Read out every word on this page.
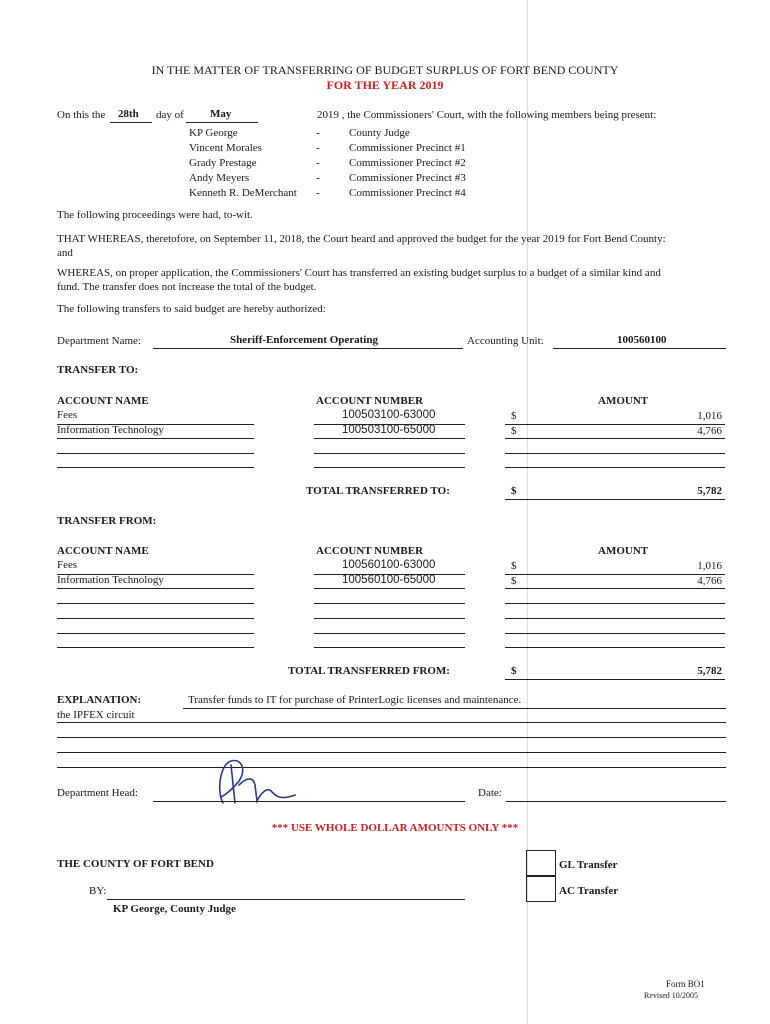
IN THE MATTER OF TRANSFERRING OF BUDGET SURPLUS OF FORT BEND COUNTY
FOR THE YEAR 2019
On this the 28th day of May	2019 , the Commissioners' Court, with the following members being present:
KP George	-	County Judge
Vincent Morales	-	Commissioner Precinct #1
Grady Prestage	-	Commissioner Precinct #2
Andy Meyers	-	Commissioner Precinct #3
Kenneth R. DeMerchant -	Commissioner Precinct #4
The following proceedings were had, to-wit.
THAT WHEREAS, theretofore, on September 11, 2018, the Court heard and approved the budget for the year 2019 for Fort Bend County:
and
WHEREAS, on proper application, the Commissioners' Court has transferred an existing budget surplus to a budget of a similar kind and
fund. The transfer does not increase the total of the budget.
The following transfers to said budget are hereby authorized:
Department Name:	Sheriff-Enforcement Operating	Accounting Unit:	100560100
TRANSFER TO:
ACCOUNT NAME	ACCOUNT NUMBER	AMOUNT
Fees	100503100-63000	$	1,016
Information Technology	100503100-65000	$	4,766
TOTAL TRANSFERRED TO:	$	5,782
TRANSFER FROM:
ACCOUNT NAME	ACCOUNT NUMBER	AMOUNT
Fees	100560100-63000	$	1,016
Information Technology	100560100-65000	$	4,766
TOTAL TRANSFERRED FROM:	$	5,782
EXPLANATION:	Transfer funds to IT for purchase of PrinterLogic licenses and maintenance.
the IPFEX circuit
Department Head:	Date:
*** USE WHOLE DOLLAR AMOUNTS ONLY ***
THE COUNTY OF FORT BEND
BY:
KP George, County Judge
GL Transfer
AC Transfer
Form BO1
Revised 10/2005
